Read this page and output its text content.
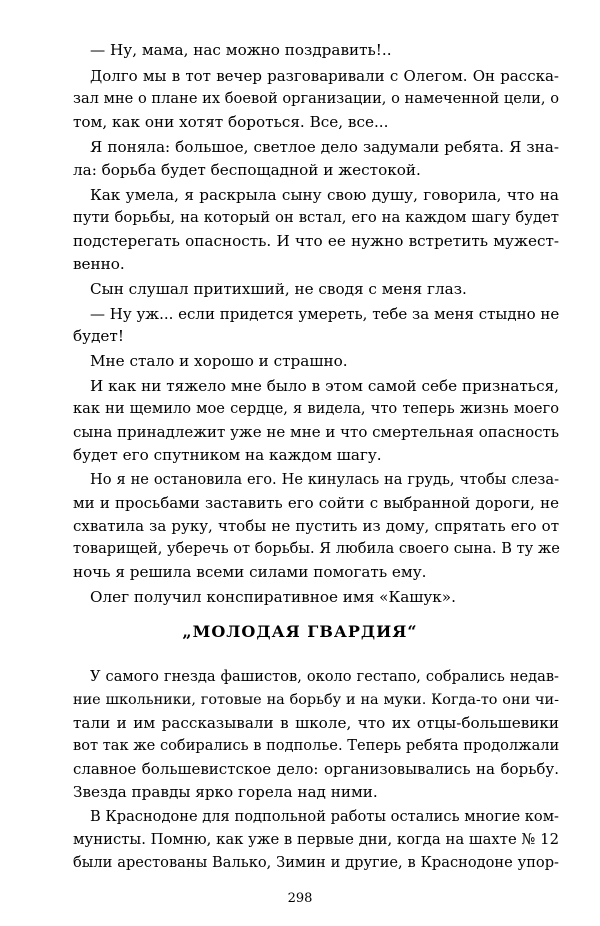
— Ну, мама, нас можно поздравить!..
Долго мы в тот вечер разговаривали с Олегом. Он расска-
зал мне о плане их боевой организации, о намеченной цели, о
том, как они хотят бороться. Все, все...
Я поняла: большое, светлое дело задумали ребята. Я зна-
ла: борьба будет беспощадной и жестокой.
Как умела, я раскрыла сыну свою душу, говорила, что на
пути борьбы, на который он встал, его на каждом шагу будет
подстерегать опасность. И что ее нужно встретить мужест-
венно.
Сын слушал притихший, не сводя с меня глаз.
— Ну уж... если придется умереть, тебе за меня стыдно не
будет!
Мне стало и хорошо и страшно.
И как ни тяжело мне было в этом самой себе признаться,
как ни щемило мое сердце, я видела, что теперь жизнь моего
сына принадлежит уже не мне и что смертельная опасность
будет его спутником на каждом шагу.
Но я не остановила его. Не кинулась на грудь, чтобы слеза-
ми и просьбами заставить его сойти с выбранной дороги, не
схватила за руку, чтобы не пустить из дому, спрятать его от
товарищей, уберечь от борьбы. Я любила своего сына. В ту же
ночь я решила всеми силами помогать ему.
Олег получил конспиративное имя «Кашук».
„МОЛОДАЯ ГВАРДИЯ“
У самого гнезда фашистов, около гестапо, собрались недав-
ние школьники, готовые на борьбу и на муки. Когда-то они чи-
тали и им рассказывали в школе, что их отцы-большевики
вот так же собирались в подполье. Теперь ребята продолжали
славное большевистское дело: организовывались на борьбу.
Звезда правды ярко горела над ними.
В Краснодоне для подпольной работы остались многие ком-
мунисты. Помню, как уже в первые дни, когда на шахте № 12
были арестованы Валько, Зимин и другие, в Краснодоне упор-
298
